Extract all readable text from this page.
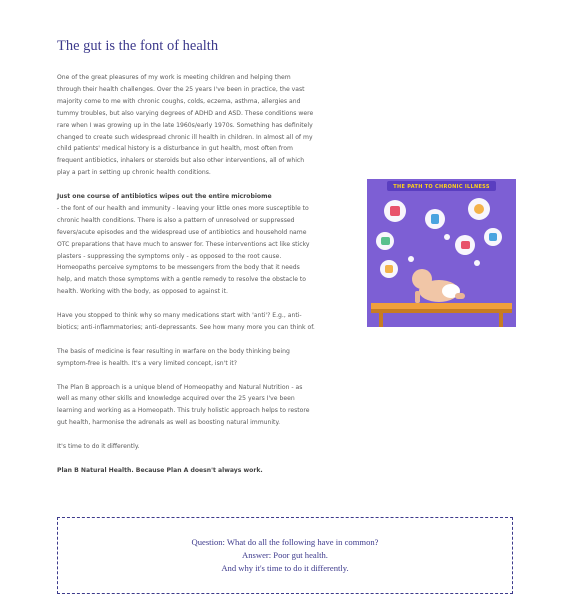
The gut is the font of health

One of the great pleasures of my work is meeting children and helping them through their health challenges. Over the 25 years I've been in practice, the vast majority come to me with chronic coughs, colds, eczema, asthma, allergies and tummy troubles, but also varying degrees of ADHD and ASD. These conditions were rare when I was growing up in the late 1960s/early 1970s. Something has definitely changed to create such widespread chronic ill health in children. In almost all of my child patients' medical history is a disturbance in gut health, most often from frequent antibiotics, inhalers or steroids but also other interventions, all of which play a part in setting up chronic health conditions.

Just one course of antibiotics wipes out the entire microbiome
- the font of our health and immunity - leaving your little ones more susceptible to chronic health conditions. There is also a pattern of unresolved or suppressed fevers/acute episodes and the widespread use of antibiotics and household name OTC preparations that have much to answer for. These interventions act like sticky plasters - suppressing the symptoms only - as opposed to the root cause. Homeopaths perceive symptoms to be messengers from the body that it needs help, and match those symptoms with a gentle remedy to resolve the obstacle to health. Working with the body, as opposed to against it.

Have you stopped to think why so many medications start with 'anti'? E.g., anti-biotics; anti-inflammatories; anti-depressants. See how many more you can think of.

The basis of medicine is fear resulting in warfare on the body thinking being symptom-free is health. It's a very limited concept, isn't it?

The Plan B approach is a unique blend of Homeopathy and Natural Nutrition - as well as many other skills and knowledge acquired over the 25 years I've been learning and working as a Homeopath. This truly holistic approach helps to restore gut health, harmonise the adrenals as well as boosting natural immunity.

It's time to do it differently.

Plan B Natural Health. Because Plan A doesn't always work.

THE PATH TO CHRONIC ILLNESS
Question: What do all the following have in common?
Answer: Poor gut health.
And why it's time to do it differently.
